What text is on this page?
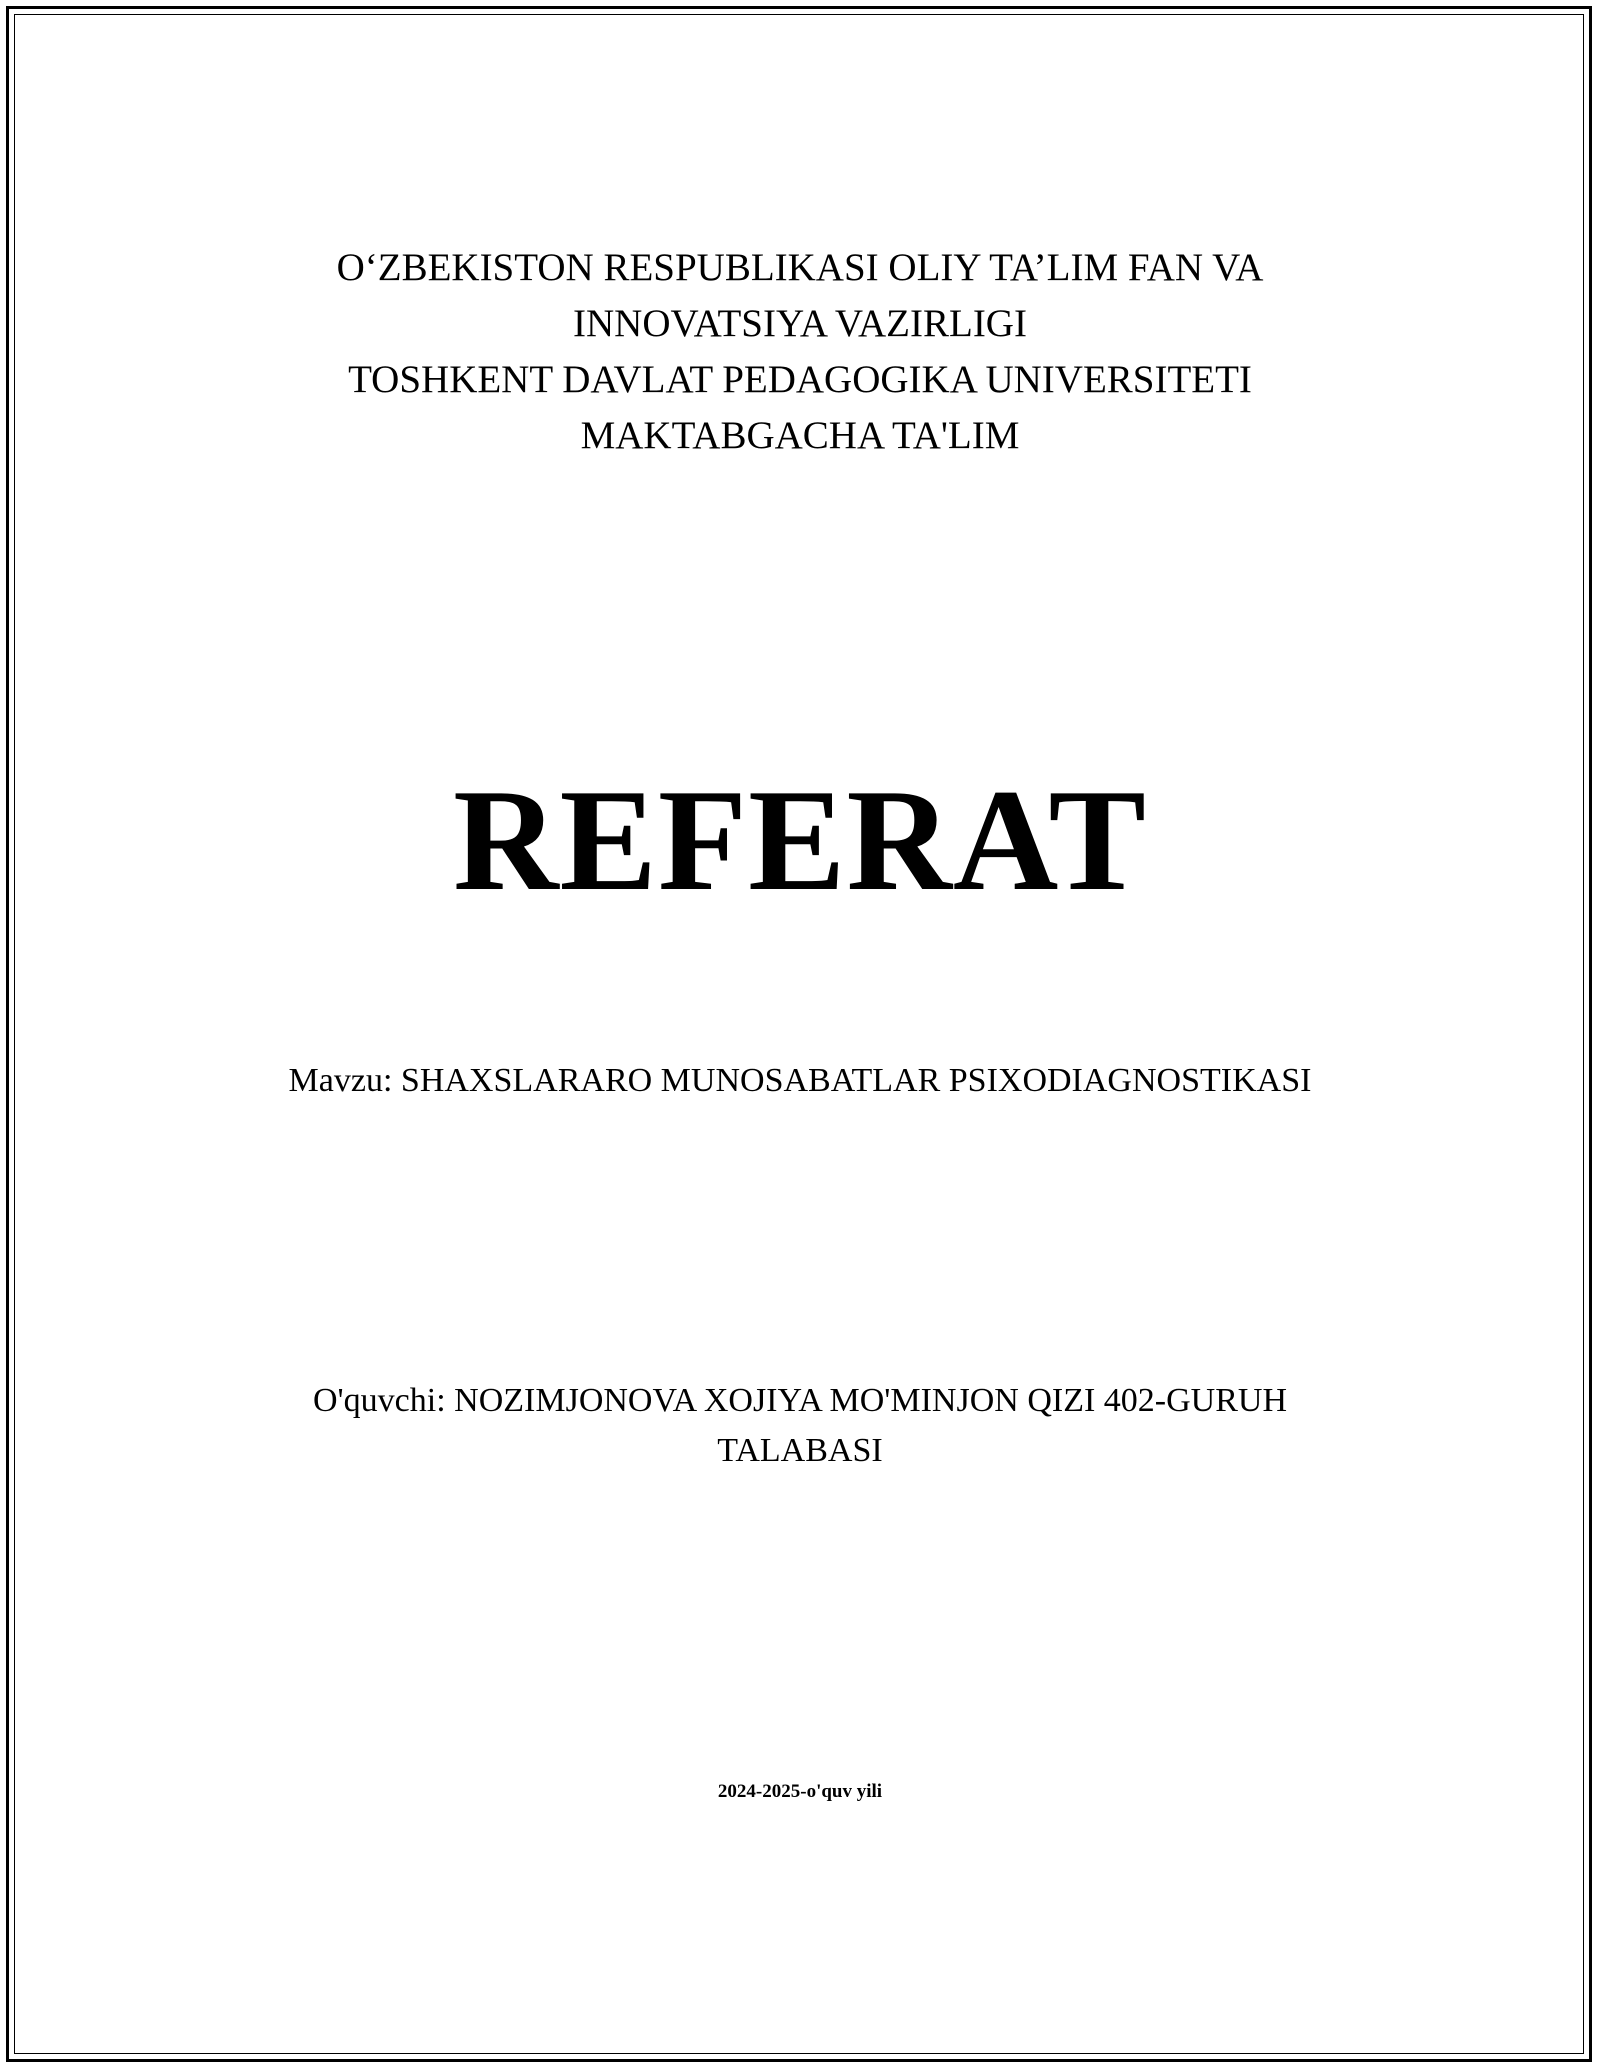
O‘ZBEKISTON RESPUBLIKASI OLIY TA’LIM FAN VA
INNOVATSIYA VAZIRLIGI
TOSHKENT DAVLAT PEDAGOGIKA UNIVERSITETI
MAKTABGACHA TA'LIM
REFERAT
Mavzu: SHAXSLARARO MUNOSABATLAR PSIXODIAGNOSTIKASI
O'quvchi: NOZIMJONOVA XOJIYA MO'MINJON QIZI 402-GURUH
TALABASI
2024-2025-o'quv yili
